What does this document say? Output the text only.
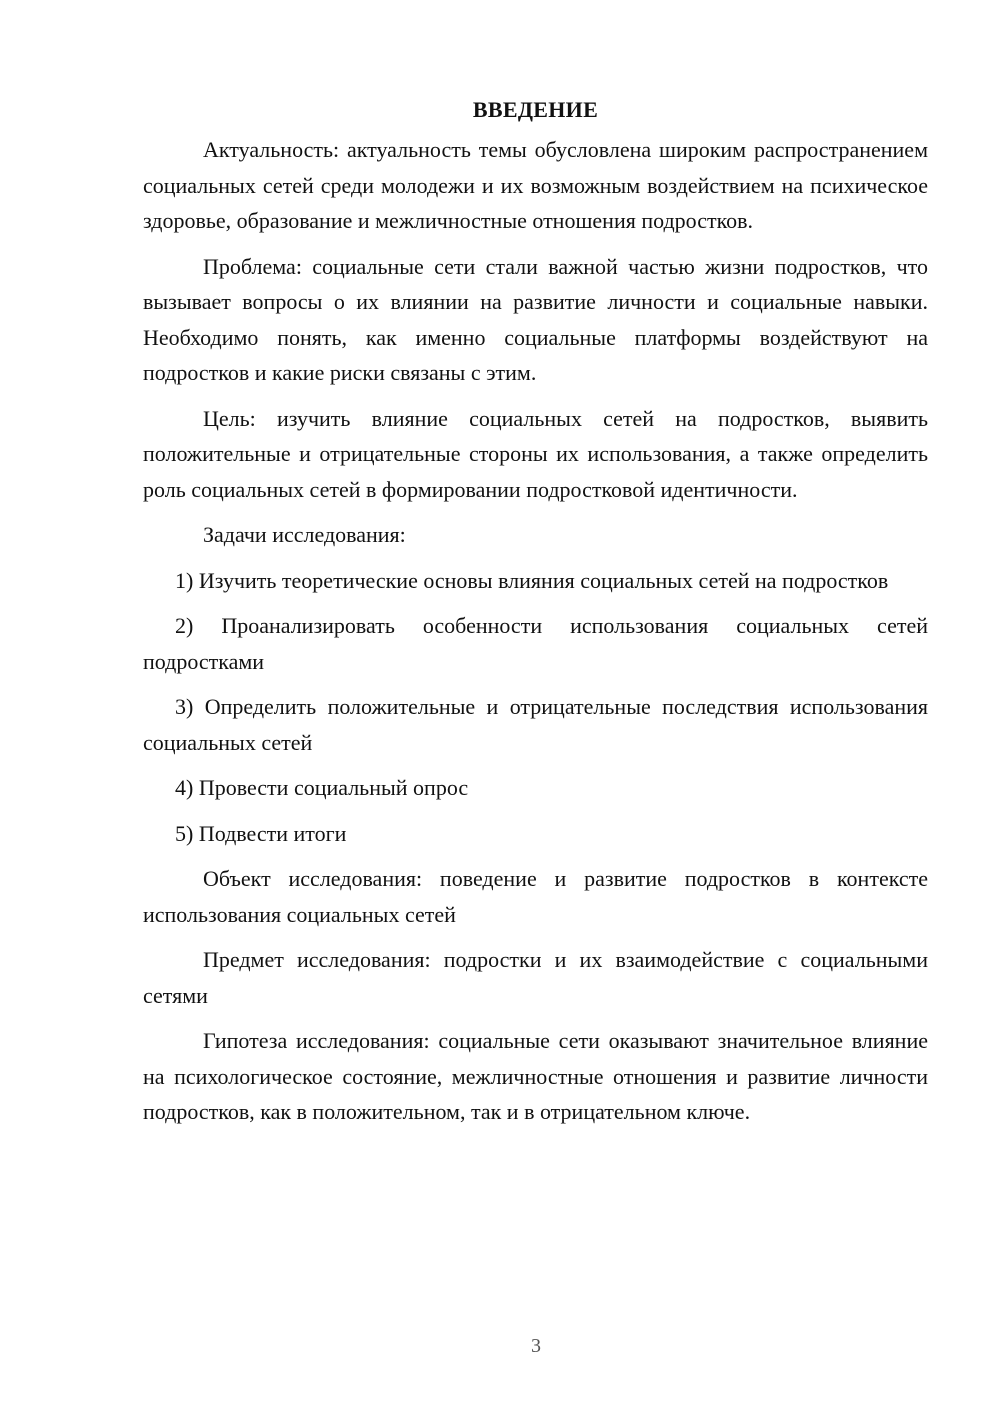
ВВЕДЕНИЕ

Актуальность: актуальность темы обусловлена широким распространением социальных сетей среди молодежи и их возможным воздействием на психическое здоровье, образование и межличностные отношения подростков.

Проблема: социальные сети стали важной частью жизни подростков, что вызывает вопросы о их влиянии на развитие личности и социальные навыки. Необходимо понять, как именно социальные платформы воздействуют на подростков и какие риски связаны с этим.

Цель: изучить влияние социальных сетей на подростков, выявить положительные и отрицательные стороны их использования, а также определить роль социальных сетей в формировании подростковой идентичности.

Задачи исследования:

1) Изучить теоретические основы влияния социальных сетей на подростков

2) Проанализировать особенности использования социальных сетей подростками

3) Определить положительные и отрицательные последствия использования социальных сетей

4) Провести социальный опрос

5) Подвести итоги

Объект исследования: поведение и развитие подростков в контексте использования социальных сетей

Предмет исследования: подростки и их взаимодействие с социальными сетями

Гипотеза исследования: социальные сети оказывают значительное влияние на психологическое состояние, межличностные отношения и развитие личности подростков, как в положительном, так и в отрицательном ключе.

3
